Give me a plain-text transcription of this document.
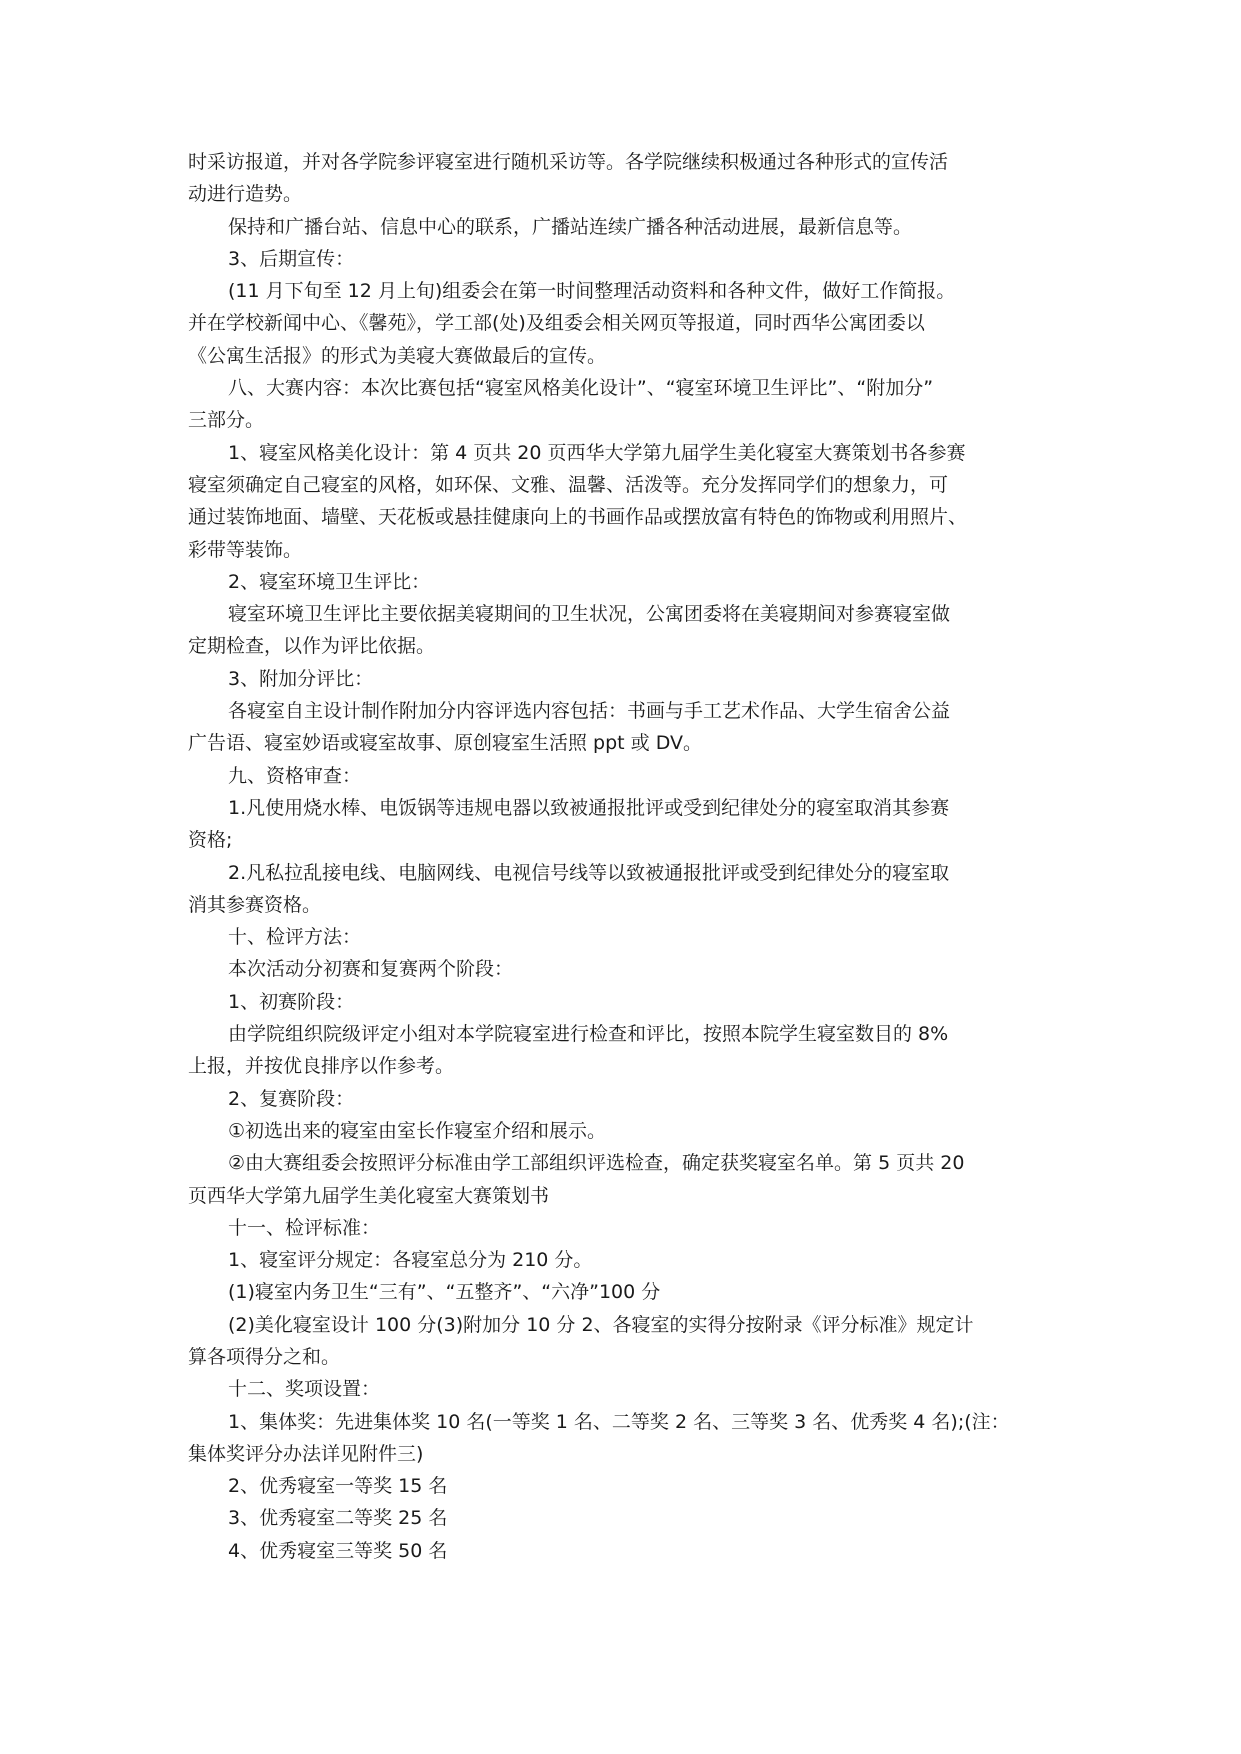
时采访报道，并对各学院参评寝室进行随机采访等。各学院继续积极通过各种形式的宣传活
动进行造势。
保持和广播台站、信息中心的联系，广播站连续广播各种活动进展，最新信息等。
3、后期宣传：
(11 月下旬至 12 月上旬)组委会在第一时间整理活动资料和各种文件，做好工作简报。
并在学校新闻中心、《馨苑》，学工部(处)及组委会相关网页等报道，同时西华公寓团委以
《公寓生活报》的形式为美寝大赛做最后的宣传。
八、大赛内容：本次比赛包括“寝室风格美化设计”、“寝室环境卫生评比”、“附加分”
三部分。
1、寝室风格美化设计：第 4 页共 20 页西华大学第九届学生美化寝室大赛策划书各参赛
寝室须确定自己寝室的风格，如环保、文雅、温馨、活泼等。充分发挥同学们的想象力，可
通过装饰地面、墙壁、天花板或悬挂健康向上的书画作品或摆放富有特色的饰物或利用照片、
彩带等装饰。
2、寝室环境卫生评比：
寝室环境卫生评比主要依据美寝期间的卫生状况，公寓团委将在美寝期间对参赛寝室做
定期检查，以作为评比依据。
3、附加分评比：
各寝室自主设计制作附加分内容评选内容包括：书画与手工艺术作品、大学生宿舍公益
广告语、寝室妙语或寝室故事、原创寝室生活照 ppt 或 DV。
九、资格审查：
1.凡使用烧水棒、电饭锅等违规电器以致被通报批评或受到纪律处分的寝室取消其参赛
资格;
2.凡私拉乱接电线、电脑网线、电视信号线等以致被通报批评或受到纪律处分的寝室取
消其参赛资格。
十、检评方法：
本次活动分初赛和复赛两个阶段：
1、初赛阶段：
由学院组织院级评定小组对本学院寝室进行检查和评比，按照本院学生寝室数目的 8%
上报，并按优良排序以作参考。
2、复赛阶段：
①初选出来的寝室由室长作寝室介绍和展示。
②由大赛组委会按照评分标准由学工部组织评选检查，确定获奖寝室名单。第 5 页共 20
页西华大学第九届学生美化寝室大赛策划书
十一、检评标准：
1、寝室评分规定：各寝室总分为 210 分。
(1)寝室内务卫生“三有”、“五整齐”、“六净”100 分
(2)美化寝室设计 100 分(3)附加分 10 分 2、各寝室的实得分按附录《评分标准》规定计
算各项得分之和。
十二、奖项设置：
1、集体奖：先进集体奖 10 名(一等奖 1 名、二等奖 2 名、三等奖 3 名、优秀奖 4 名);(注：
集体奖评分办法详见附件三)
2、优秀寝室一等奖 15 名
3、优秀寝室二等奖 25 名
4、优秀寝室三等奖 50 名
